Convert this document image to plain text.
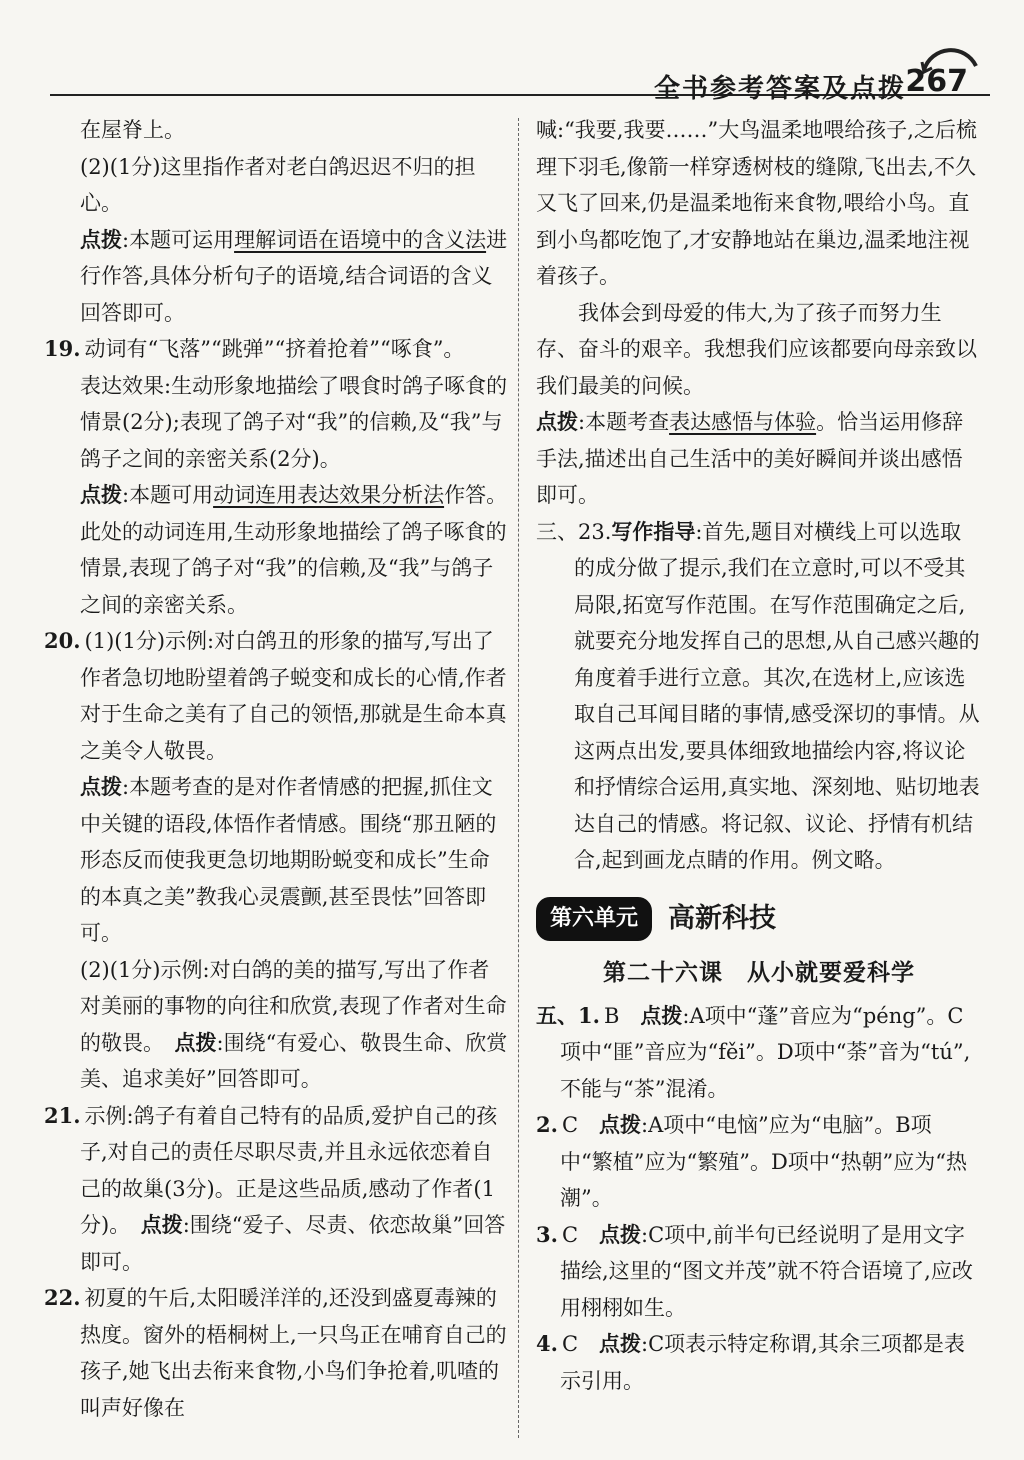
全书参考答案及点拨 267

在屋脊上。

(2)(1分)这里指作者对老白鸽迟迟不归的担心。

点拨:本题可运用理解词语在语境中的含义法进行作答,具体分析句子的语境,结合词语的含义回答即可。

19. 动词有“飞落”“跳弹”“挤着抢着”“啄食”。

表达效果:生动形象地描绘了喂食时鸽子啄食的情景(2分);表现了鸽子对“我”的信赖,及“我”与鸽子之间的亲密关系(2分)。

点拨:本题可用动词连用表达效果分析法作答。此处的动词连用,生动形象地描绘了鸽子啄食的情景,表现了鸽子对“我”的信赖,及“我”与鸽子之间的亲密关系。

20. (1)(1分)示例:对白鸽丑的形象的描写,写出了作者急切地盼望着鸽子蜕变和成长的心情,作者对于生命之美有了自己的领悟,那就是生命本真之美令人敬畏。

点拨:本题考查的是对作者情感的把握,抓住文中关键的语段,体悟作者情感。围绕“那丑陋的形态反而使我更急切地期盼蜕变和成长”生命的本真之美”教我心灵震颤,甚至畏怯”回答即可。

(2)(1分)示例:对白鸽的美的描写,写出了作者对美丽的事物的向往和欣赏,表现了作者对生命的敬畏。　 点拨:围绕“有爱心、敬畏生命、欣赏美、追求美好”回答即可。

21. 示例:鸽子有着自己特有的品质,爱护自己的孩子,对自己的责任尽职尽责,并且永远依恋着自己的故巢(3分)。正是这些品质,感动了作者(1分)。　 点拨:围绕“爱子、尽责、依恋故巢”回答即可。

22. 初夏的午后,太阳暖洋洋的,还没到盛夏毒辣的热度。窗外的梧桐树上,一只鸟正在哺育自己的孩子,她飞出去衔来食物,小鸟们争抢着,叽喳的叫声好像在

喊:“我要,我要……”大鸟温柔地喂给孩子,之后梳理下羽毛,像箭一样穿透树枝的缝隙,飞出去,不久又飞了回来,仍是温柔地衔来食物,喂给小鸟。直到小鸟都吃饱了,才安静地站在巢边,温柔地注视着孩子。

我体会到母爱的伟大,为了孩子而努力生存、奋斗的艰辛。我想我们应该都要向母亲致以我们最美的问候。

点拨:本题考查表达感悟与体验。恰当运用修辞手法,描述出自己生活中的美好瞬间并谈出感悟即可。

三、23.写作指导:首先,题目对横线上可以选取的成分做了提示,我们在立意时,可以不受其局限,拓宽写作范围。在写作范围确定之后,就要充分地发挥自己的思想,从自己感兴趣的角度着手进行立意。其次,在选材上,应该选取自己耳闻目睹的事情,感受深切的事情。从这两点出发,要具体细致地描绘内容,将议论和抒情综合运用,真实地、深刻地、贴切地表达自己的情感。将记叙、议论、抒情有机结合,起到画龙点睛的作用。例文略。

第六单元	高新科技
第二十六课　从小就要爱科学

五、1. B　点拨:A项中“蓬”音应为“péng”。C项中“匪”音应为“fěi”。D项中“荼”音为“tú”,不能与“茶”混淆。

2. C　点拨:A项中“电恼”应为“电脑”。B项中“繁植”应为“繁殖”。D项中“热朝”应为“热潮”。

3. C　点拨:C项中,前半句已经说明了是用文字描绘,这里的“图文并茂”就不符合语境了,应改用栩栩如生。

4. C　点拨:C项表示特定称谓,其余三项都是表示引用。
